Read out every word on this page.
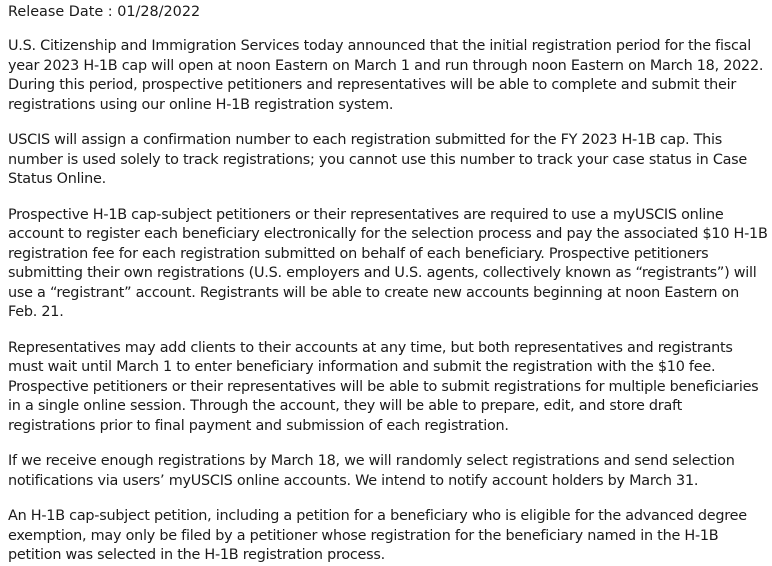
Release Date : 01/28/2022

U.S. Citizenship and Immigration Services today announced that the initial registration period for the fiscal year 2023 H-1B cap will open at noon Eastern on March 1 and run through noon Eastern on March 18, 2022. During this period, prospective petitioners and representatives will be able to complete and submit their registrations using our online H-1B registration system.

USCIS will assign a confirmation number to each registration submitted for the FY 2023 H-1B cap. This number is used solely to track registrations; you cannot use this number to track your case status in Case Status Online.

Prospective H-1B cap-subject petitioners or their representatives are required to use a myUSCIS online account to register each beneficiary electronically for the selection process and pay the associated $10 H-1B registration fee for each registration submitted on behalf of each beneficiary. Prospective petitioners submitting their own registrations (U.S. employers and U.S. agents, collectively known as “registrants”) will use a “registrant” account. Registrants will be able to create new accounts beginning at noon Eastern on Feb. 21.

Representatives may add clients to their accounts at any time, but both representatives and registrants must wait until March 1 to enter beneficiary information and submit the registration with the $10 fee. Prospective petitioners or their representatives will be able to submit registrations for multiple beneficiaries in a single online session. Through the account, they will be able to prepare, edit, and store draft registrations prior to final payment and submission of each registration.

If we receive enough registrations by March 18, we will randomly select registrations and send selection notifications via users’ myUSCIS online accounts. We intend to notify account holders by March 31.

An H-1B cap-subject petition, including a petition for a beneficiary who is eligible for the advanced degree exemption, may only be filed by a petitioner whose registration for the beneficiary named in the H-1B petition was selected in the H-1B registration process.
